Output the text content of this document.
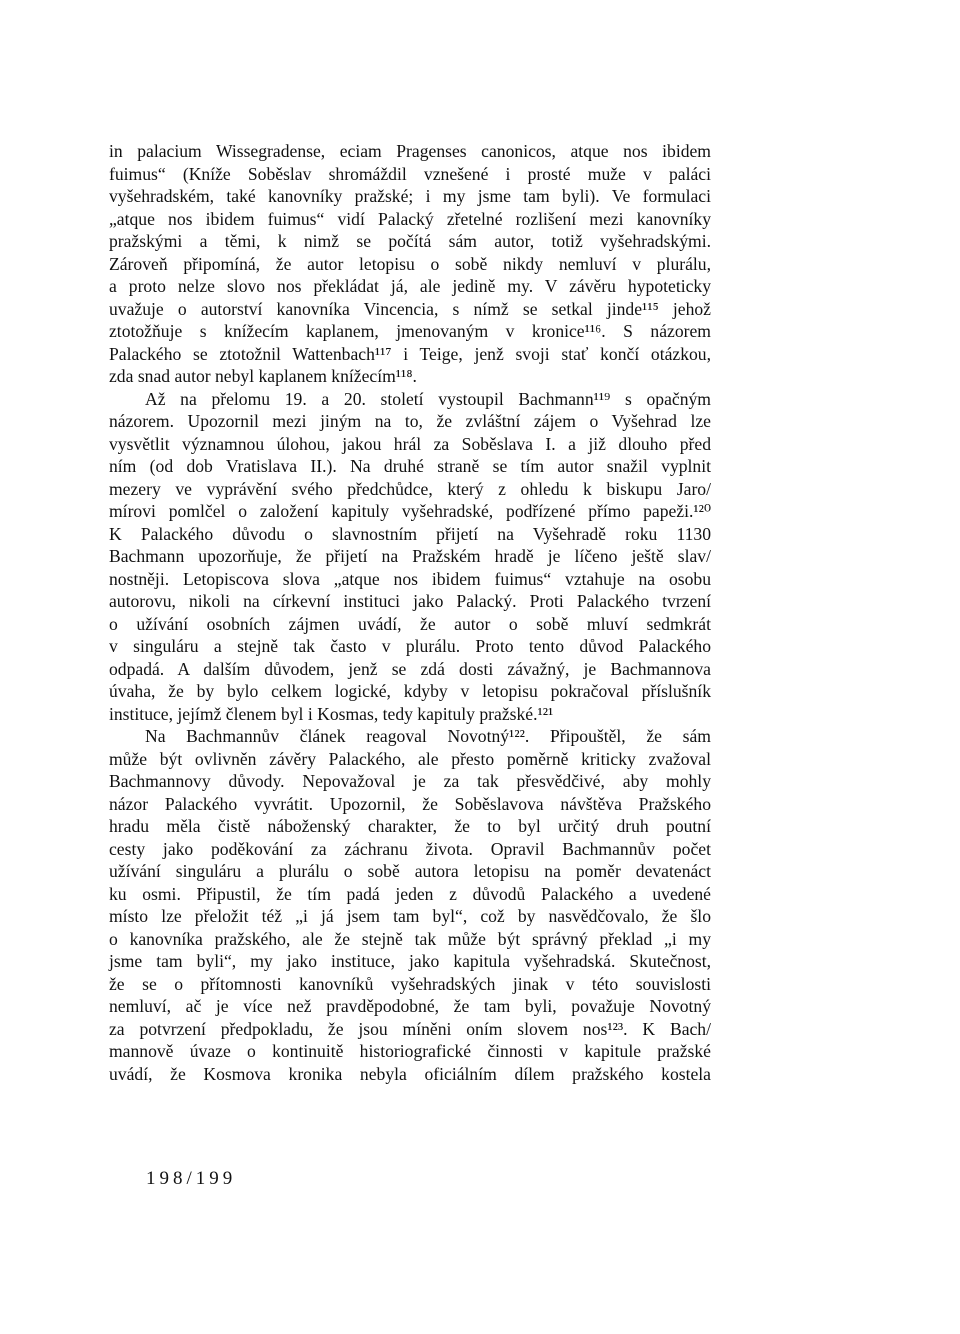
in palacium Wissegradense, eciam Pragenses canonicos, atque nos ibidem
fuimus“ (Kníže Soběslav shromáždil vznešené i prosté muže v paláci
vyšehradském, také kanovníky pražské; i my jsme tam byli). Ve formulaci
„atque nos ibidem fuimus“ vidí Palacký zřetelné rozlišení mezi kanovníky
pražskými a těmi, k nimž se počítá sám autor, totiž vyšehradskými.
Zároveň připomíná, že autor letopisu o sobě nikdy nemluví v plurálu,
a proto nelze slovo nos překládat já, ale jedině my. V závěru hypoteticky
uvažuje o autorství kanovníka Vincencia, s nímž se setkal jinde¹¹⁵ jehož
ztotožňuje s knížecím kaplanem, jmenovaným v kronice¹¹⁶. S názorem
Palackého se ztotožnil Wattenbach¹¹⁷ i Teige, jenž svoji stať končí otázkou,
zda snad autor nebyl kaplanem knížecím¹¹⁸.
Až na přelomu 19. a 20. století vystoupil Bachmann¹¹⁹ s opačným
názorem. Upozornil mezi jiným na to, že zvláštní zájem o Vyšehrad lze
vysvětlit významnou úlohou, jakou hrál za Soběslava I. a již dlouho před
ním (od dob Vratislava II.). Na druhé straně se tím autor snažil vyplnit
mezery ve vyprávění svého předchůdce, který z ohledu k biskupu Jaro/
mírovi pomlčel o založení kapituly vyšehradské, podřízené přímo papeži.¹²⁰
K Palackého důvodu o slavnostním přijetí na Vyšehradě roku 1130
Bachmann upozorňuje, že přijetí na Pražském hradě je líčeno ještě slav/
nostněji. Letopiscova slova „atque nos ibidem fuimus“ vztahuje na osobu
autorovu, nikoli na církevní instituci jako Palacký. Proti Palackého tvrzení
o užívání osobních zájmen uvádí, že autor o sobě mluví sedmkrát
v singuláru a stejně tak často v plurálu. Proto tento důvod Palackého
odpadá. A dalším důvodem, jenž se zdá dosti závažný, je Bachmannova
úvaha, že by bylo celkem logické, kdyby v letopisu pokračoval příslušník
instituce, jejímž členem byl i Kosmas, tedy kapituly pražské.¹²¹
Na Bachmannův článek reagoval Novotný¹²². Připouštěl, že sám
může být ovlivněn závěry Palackého, ale přesto poměrně kriticky zvažoval
Bachmannovy důvody. Nepovažoval je za tak přesvědčivé, aby mohly
názor Palackého vyvrátit. Upozornil, že Soběslavova návštěva Pražského
hradu měla čistě náboženský charakter, že to byl určitý druh poutní
cesty jako poděkování za záchranu života. Opravil Bachmannův počet
užívání singuláru a plurálu o sobě autora letopisu na poměr devatenáct
ku osmi. Připustil, že tím padá jeden z důvodů Palackého a uvedené
místo lze přeložit též „i já jsem tam byl“, což by nasvědčovalo, že šlo
o kanovníka pražského, ale že stejně tak může být správný překlad „i my
jsme tam byli“, my jako instituce, jako kapitula vyšehradská. Skutečnost,
že se o přítomnosti kanovníků vyšehradských jinak v této souvislosti
nemluví, ač je více než pravděpodobné, že tam byli, považuje Novotný
za potvrzení předpokladu, že jsou míněni oním slovem nos¹²³. K Bach/
mannově úvaze o kontinuitě historiografické činnosti v kapitule pražské
uvádí, že Kosmova kronika nebyla oficiálním dílem pražského kostela
198/199
